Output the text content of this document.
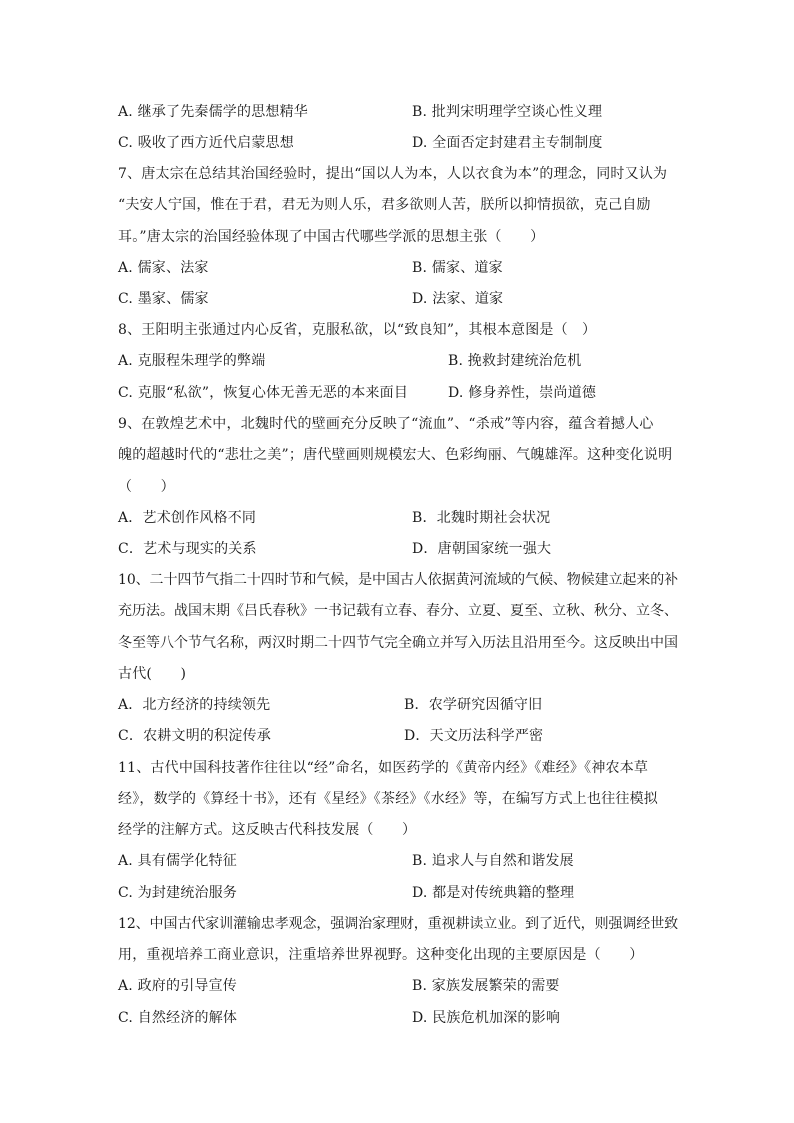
A. 继承了先秦儒学的思想精华	B. 批判宋明理学空谈心性义理
C. 吸收了西方近代启蒙思想	D. 全面否定封建君主专制制度
7、唐太宗在总结其治国经验时，提出“国以人为本，人以衣食为本”的理念，同时又认为
“夫安人宁国，惟在于君，君无为则人乐，君多欲则人苦，朕所以抑情损欲，克己自励
耳。”唐太宗的治国经验体现了中国古代哪些学派的思想主张（　　）
A. 儒家、法家	B. 儒家、道家
C. 墨家、儒家	D. 法家、道家
8、王阳明主张通过内心反省，克服私欲，以“致良知”，其根本意图是（　）
A. 克服程朱理学的弊端	B. 挽救封建统治危机
C. 克服“私欲”，恢复心体无善无恶的本来面目	D. 修身养性，崇尚道德
9、在敦煌艺术中，北魏时代的壁画充分反映了“流血”、“杀戒”等内容，蕴含着撼人心
魄的超越时代的“悲壮之美”；唐代壁画则规模宏大、色彩绚丽、气魄雄浑。这种变化说明
（　　）
A．艺术创作风格不同	B．北魏时期社会状况
C．艺术与现实的关系	D．唐朝国家统一强大
10、二十四节气指二十四时节和气候，是中国古人依据黄河流域的气候、物候建立起来的补
充历法。战国末期《吕氏春秋》一书记载有立春、春分、立夏、夏至、立秋、秋分、立冬、
冬至等八个节气名称，两汉时期二十四节气完全确立并写入历法且沿用至今。这反映出中国
古代(　　)
A．北方经济的持续领先	B．农学研究因循守旧
C．农耕文明的积淀传承	D．天文历法科学严密
11、古代中国科技著作往往以“经”命名，如医药学的《黄帝内经》《难经》《神农本草
经》，数学的《算经十书》，还有《星经》《茶经》《水经》等，在编写方式上也往往模拟
经学的注解方式。这反映古代科技发展（　　）
A. 具有儒学化特征	B. 追求人与自然和谐发展
C. 为封建统治服务	D. 都是对传统典籍的整理
12、中国古代家训灌输忠孝观念，强调治家理财，重视耕读立业。到了近代，则强调经世致
用，重视培养工商业意识，注重培养世界视野。这种变化出现的主要原因是（　　）
A. 政府的引导宣传	B. 家族发展繁荣的需要
C. 自然经济的解体	D. 民族危机加深的影响
